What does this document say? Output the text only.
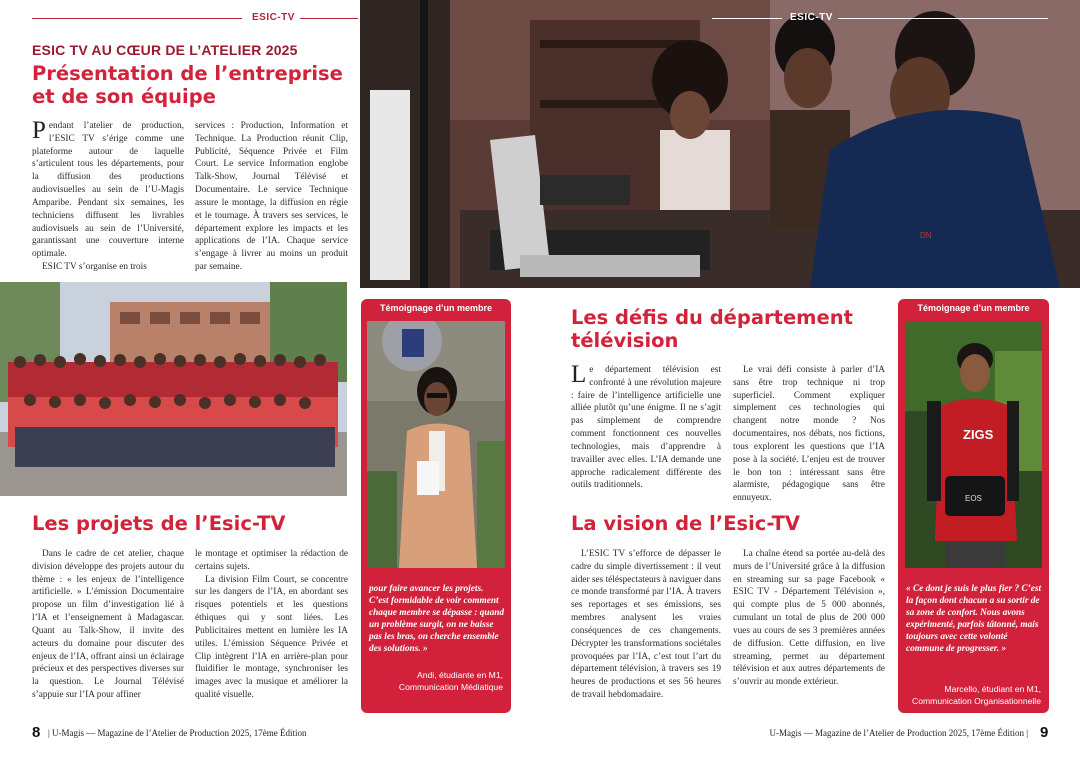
ESIC-TV
ESIC TV AU CŒUR DE L’ATELIER 2025
Présentation de l’entreprise et de son équipe

Pendant l’atelier de production, l’ESIC TV s’érige comme une plateforme autour de laquelle s’articulent tous les départements, pour la diffusion des productions audiovisuelles au sein de l’U-Magis Amparibe. Pendant six semaines, les techniciens diffusent les livrables audiovisuels au sein de l’Université, garantissant une couverture interne optimale.

ESIC TV s’organise en trois

services : Production, Information et Technique. La Production réunit Clip, Publicité, Séquence Privée et Film Court. Le service Information englobe Talk-Show, Journal Télévisé et Documentaire. Le service Technique assure le montage, la diffusion en régie et le tournage. À travers ses services, le département explore les impacts et les applications de l’IA. Chaque service s’engage à livrer au moins un produit par semaine.

DN
ESIC-TV
Témoignage d’un membre
pour faire avancer les projets. C’est formidable de voir comment chaque membre se dépasse : quand un problème surgit, on ne baisse pas les bras, on cherche ensemble des solutions. »
Andi, étudiante en M1,
Communication Médiatique
Les projets de l’Esic-TV

Dans le cadre de cet atelier, chaque division développe des projets autour du thème : « les enjeux de l’intelligence artificielle. » L’émission Documentaire propose un film d’investigation lié à l’IA et l’enseignement à Madagascar. Quant au Talk-Show, il invite des acteurs du domaine pour discuter des enjeux de l’IA, offrant ainsi un éclairage précieux et des perspectives diverses sur la question. Le Journal Télévisé s’appuie sur l’IA pour affiner

le montage et optimiser la rédaction de certains sujets.

La division Film Court, se concentre sur les dangers de l’IA, en abordant ses risques potentiels et les questions éthiques qui y sont liées. Les Publicitaires mettent en lumière les IA utiles. L’émission Séquence Privée et Clip intègrent l’IA en arrière-plan pour fluidifier le montage, synchroniser les images avec la musique et améliorer la qualité visuelle.

Les défis du département télévision

Le département télévision est confronté à une révolution majeure : faire de l’intelligence artificielle une alliée plutôt qu’une énigme. Il ne s’agit pas simplement de comprendre comment fonctionnent ces nouvelles technologies, mais d’apprendre à travailler avec elles. L’IA demande une approche radicalement différente des outils traditionnels.

Le vrai défi consiste à parler d’IA sans être trop technique ni trop superficiel. Comment expliquer simplement ces technologies qui changent notre monde ? Nos documentaires, nos débats, nos fictions, tous explorent les questions que l’IA pose à la société. L’enjeu est de trouver le bon ton : intéressant sans être alarmiste, pédagogique sans être ennuyeux.

La vision de l’Esic-TV

L’ESIC TV s’efforce de dépasser le cadre du simple divertissement : il veut aider ses téléspectateurs à naviguer dans ce monde transformé par l’IA. À travers ses reportages et ses émissions, ses membres analysent les vraies conséquences de ces changements. Décrypter les transformations sociétales provoquées par l’IA, c’est tout l’art du département télévision, à travers ses 19 heures de productions et ses 56 heures de travail hebdomadaire.

La chaîne étend sa portée au-delà des murs de l’Université grâce à la diffusion en streaming sur sa page Facebook « ESIC TV - Département Télévision », qui compte plus de 5 000 abonnés, cumulant un total de plus de 200 000 vues au cours de ses 3 premières années de diffusion. Cette diffusion, en live streaming, permet au département télévision et aux autres départements de s’ouvrir au monde extérieur.

Témoignage d’un membre
ZIGS
EOS
« Ce dont je suis le plus fier ? C’est la façon dont chacun a su sortir de sa zone de confort. Nous avons expérimenté, parfois tâtonné, mais toujours avec cette volonté commune de progresser. »
Marcello, étudiant en M1,
Communication Organisationnelle
8 | U-Magis — Magazine de l’Atelier de Production 2025, 17ème Édition	U-Magis — Magazine de l’Atelier de Production 2025, 17ème Édition | 9
